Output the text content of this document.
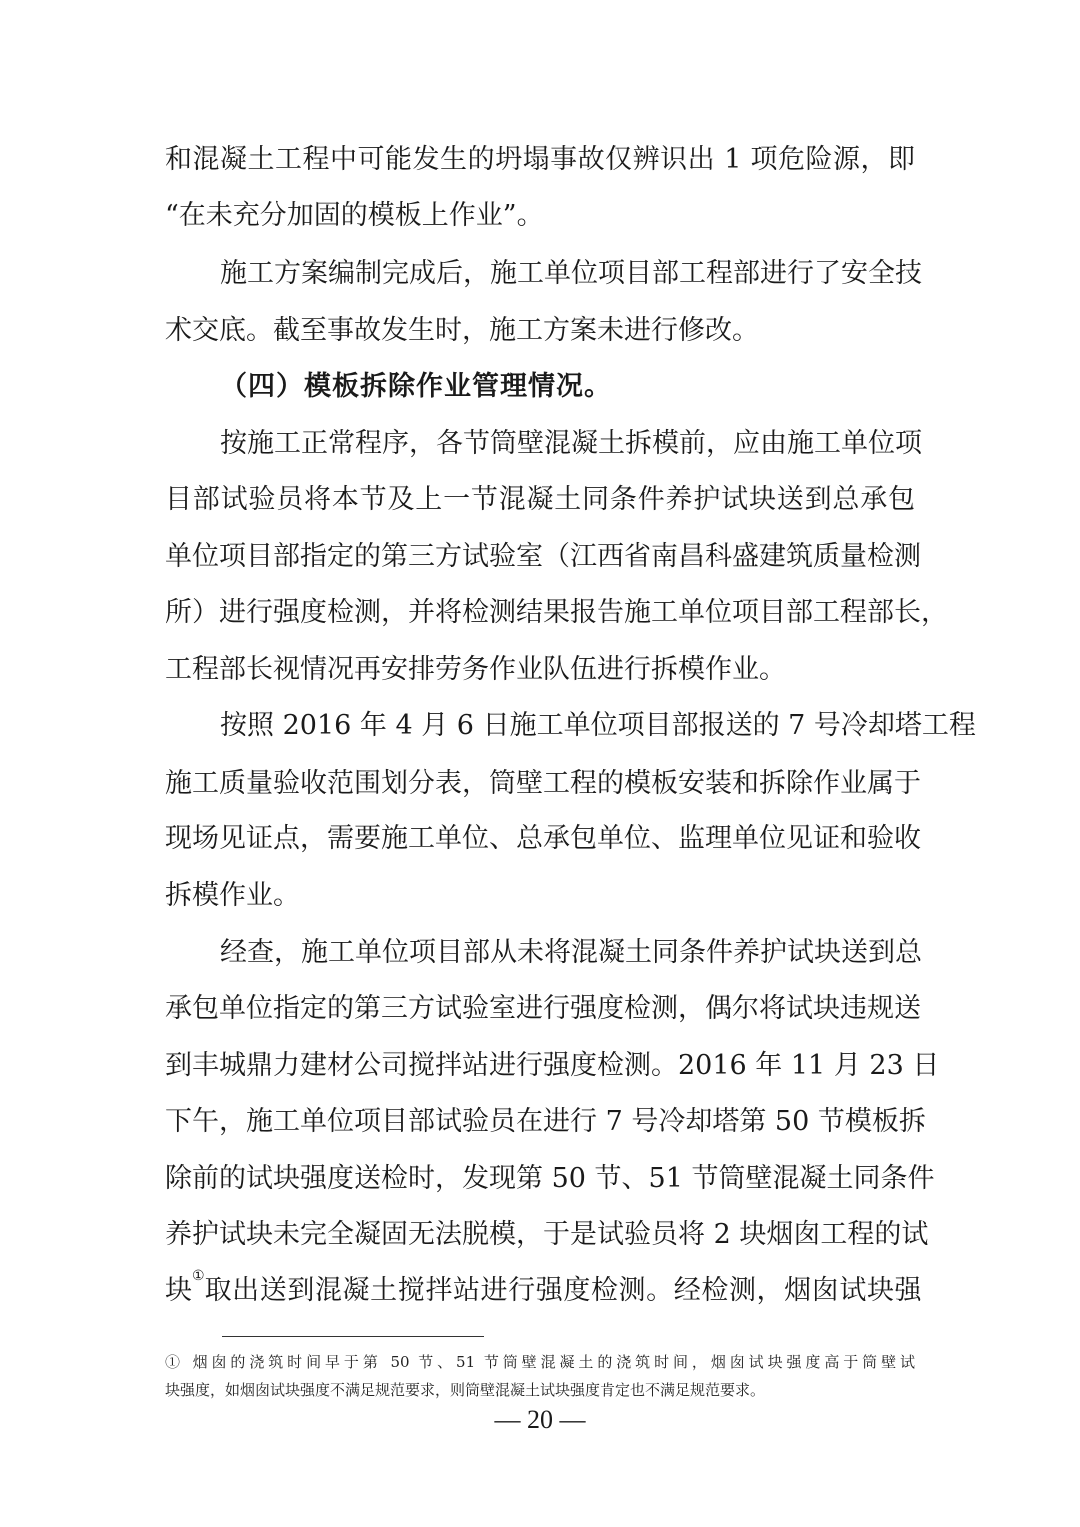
和混凝土工程中可能发生的坍塌事故仅辨识出 1 项危险源，即
“在未充分加固的模板上作业”。
施工方案编制完成后，施工单位项目部工程部进行了安全技
术交底。截至事故发生时，施工方案未进行修改。
（四）模板拆除作业管理情况。
按施工正常程序，各节筒壁混凝土拆模前，应由施工单位项
目部试验员将本节及上一节混凝土同条件养护试块送到总承包
单位项目部指定的第三方试验室（江西省南昌科盛建筑质量检测
所）进行强度检测，并将检测结果报告施工单位项目部工程部长，
工程部长视情况再安排劳务作业队伍进行拆模作业。
按照 2016 年 4 月 6 日施工单位项目部报送的 7 号冷却塔工程
施工质量验收范围划分表，筒壁工程的模板安装和拆除作业属于
现场见证点，需要施工单位、总承包单位、监理单位见证和验收
拆模作业。
经查，施工单位项目部从未将混凝土同条件养护试块送到总
承包单位指定的第三方试验室进行强度检测，偶尔将试块违规送
到丰城鼎力建材公司搅拌站进行强度检测。2016 年 11 月 23 日
下午，施工单位项目部试验员在进行 7 号冷却塔第 50 节模板拆
除前的试块强度送检时，发现第 50 节、51 节筒壁混凝土同条件
养护试块未完全凝固无法脱模，于是试验员将 2 块烟囱工程的试
块①取出送到混凝土搅拌站进行强度检测。经检测，烟囱试块强
① 烟囱的浇筑时间早于第 50 节、51 节筒壁混凝土的浇筑时间，烟囱试块强度高于筒壁试
块强度，如烟囱试块强度不满足规范要求，则筒壁混凝土试块强度肯定也不满足规范要求。
— 20 —
